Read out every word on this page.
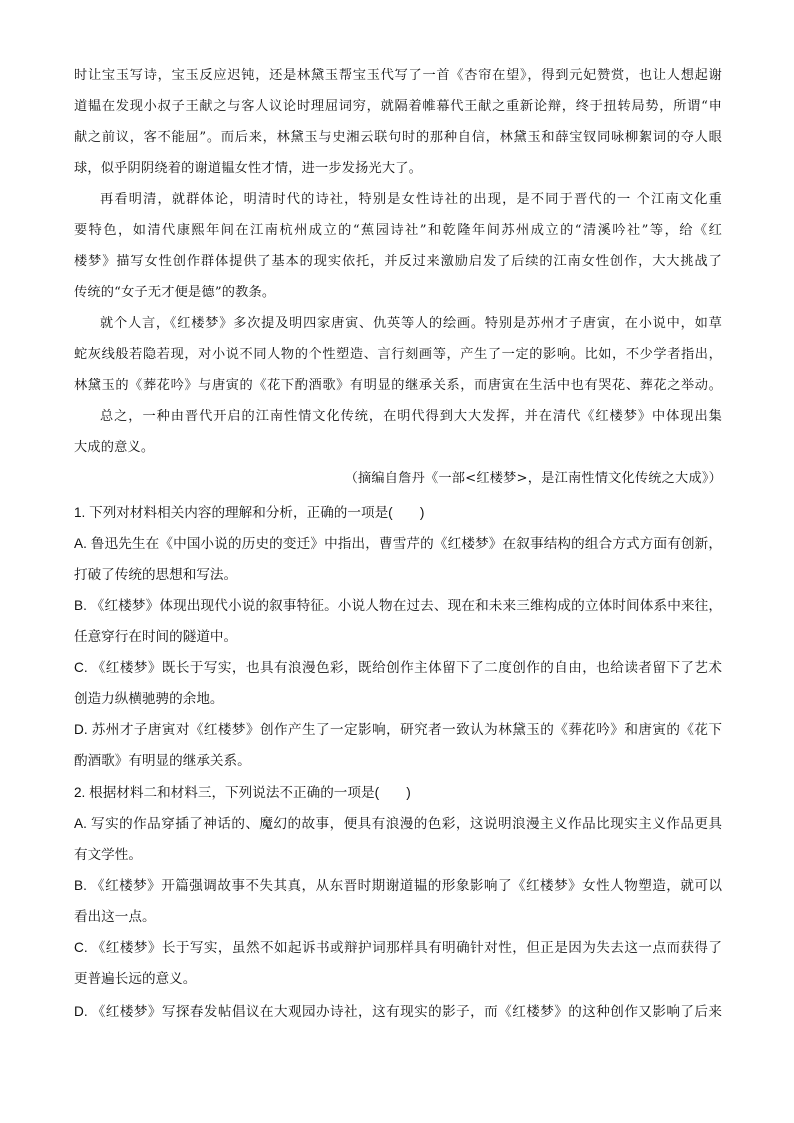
时让宝玉写诗，宝玉反应迟钝，还是林黛玉帮宝玉代写了一首《杏帘在望》，得到元妃赞赏，也让人想起谢
道韫在发现小叔子王献之与客人议论时理屈词穷，就隔着帷幕代王献之重新论辩，终于扭转局势，所谓“申
献之前议，客不能屈”。而后来，林黛玉与史湘云联句时的那种自信，林黛玉和薛宝钗同咏柳絮词的夺人眼
球，似乎阴阴绕着的谢道韫女性才情，进一步发扬光大了。
再看明清，就群体论，明清时代的诗社，特别是女性诗社的出现，是不同于晋代的一 个江南文化重
要特色，如清代康熙年间在江南杭州成立的“蕉园诗社”和乾隆年间苏州成立的“清溪吟社”等，给《红
楼梦》描写女性创作群体提供了基本的现实依托，并反过来激励启发了后续的江南女性创作，大大挑战了
传统的“女子无才便是德”的教条。
就个人言，《红楼梦》多次提及明四家唐寅、仇英等人的绘画。特别是苏州才子唐寅，在小说中，如草
蛇灰线般若隐若现，对小说不同人物的个性塑造、言行刻画等，产生了一定的影响。比如，不少学者指出，
林黛玉的《葬花吟》与唐寅的《花下酌酒歌》有明显的继承关系，而唐寅在生活中也有哭花、葬花之举动。
总之，一种由晋代开启的江南性情文化传统，在明代得到大大发挥，并在清代《红楼梦》中体现出集
大成的意义。
（摘编自詹丹《一部<红楼梦>，是江南性情文化传统之大成》）
1. 下列对材料相关内容的理解和分析，正确的一项是(　　)
A. 鲁迅先生在《中国小说的历史的变迁》中指出，曹雪芹的《红楼梦》在叙事结构的组合方式方面有创新，
打破了传统的思想和写法。
B. 《红楼梦》体现出现代小说的叙事特征。小说人物在过去、现在和未来三维构成的立体时间体系中来往，
任意穿行在时间的隧道中。
C. 《红楼梦》既长于写实，也具有浪漫色彩，既给创作主体留下了二度创作的自由，也给读者留下了艺术
创造力纵横驰骋的余地。
D. 苏州才子唐寅对《红楼梦》创作产生了一定影响，研究者一致认为林黛玉的《葬花吟》和唐寅的《花下
酌酒歌》有明显的继承关系。
2. 根据材料二和材料三，下列说法不正确的一项是(　　)
A. 写实的作品穿插了神话的、魔幻的故事，便具有浪漫的色彩，这说明浪漫主义作品比现实主义作品更具
有文学性。
B. 《红楼梦》开篇强调故事不失其真，从东晋时期谢道韫的形象影响了《红楼梦》女性人物塑造，就可以
看出这一点。
C. 《红楼梦》长于写实，虽然不如起诉书或辩护词那样具有明确针对性，但正是因为失去这一点而获得了
更普遍长远的意义。
D. 《红楼梦》写探春发帖倡议在大观园办诗社，这有现实的影子，而《红楼梦》的这种创作又影响了后来
